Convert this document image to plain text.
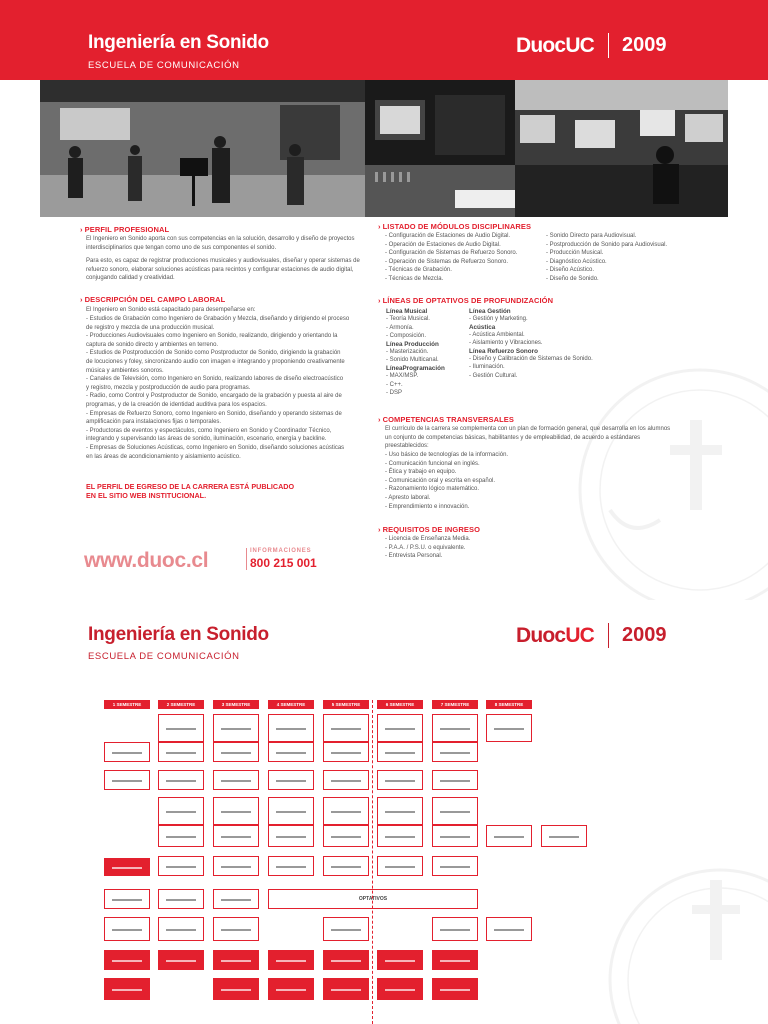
Ingeniería en Sonido
ESCUELA DE COMUNICACIÓN
DuocUC 2009
› PERFIL PROFESIONAL
El Ingeniero en Sonido aporta con sus competencias en la solución, desarrollo y diseño de proyectos interdisciplinarios que tengan como uno de sus componentes el sonido.
Para esto, es capaz de registrar producciones musicales y audiovisuales, diseñar y operar sistemas de refuerzo sonoro, elaborar soluciones acústicas para recintos y configurar estaciones de audio digital, conjugando calidad y creatividad.
› DESCRIPCIÓN DEL CAMPO LABORAL
El Ingeniero en Sonido está capacitado para desempeñarse en:
- Estudios de Grabación como Ingeniero de Grabación y Mezcla, diseñando y dirigiendo el proceso
de registro y mezcla de una producción musical.
- Producciones Audiovisuales como Ingeniero en Sonido, realizando, dirigiendo y orientando la
captura de sonido directo y ambientes en terreno.
- Estudios de Postproducción de Sonido como Postproductor de Sonido, dirigiendo la grabación
de locuciones y foley, sincronizando audio con imagen e integrando y proponiendo creativamente
música y ambientes sonoros.
- Canales de Televisión, como Ingeniero en Sonido, realizando labores de diseño electroacústico
y registro, mezcla y postproducción de audio para programas.
- Radio, como Control y Postproductor de Sonido, encargado de la grabación y puesta al aire de
programas, y de la creación de identidad auditiva para los espacios.
- Empresas de Refuerzo Sonoro, como Ingeniero en Sonido, diseñando y operando sistemas de
amplificación para instalaciones fijas o temporales.
- Productoras de eventos y espectáculos, como Ingeniero en Sonido y Coordinador Técnico,
integrando y supervisando las áreas de sonido, iluminación, escenario, energía y backline.
- Empresas de Soluciones Acústicas, como Ingeniero en Sonido, diseñando soluciones acústicas
en las áreas de acondicionamiento y aislamiento acústico.
EL PERFIL DE EGRESO DE LA CARRERA ESTÁ PUBLICADO
EN EL SITIO WEB INSTITUCIONAL.
www.duoc.cl	INFORMACIONES
800 215 001
› LISTADO DE MÓDULOS DISCIPLINARES
- Configuración de Estaciones de Audio Digital.
- Operación de Estaciones de Audio Digital.
- Configuración de Sistemas de Refuerzo Sonoro.
- Operación de Sistemas de Refuerzo Sonoro.
- Técnicas de Grabación.
- Técnicas de Mezcla.
- Sonido Directo para Audiovisual.
- Postproducción de Sonido para Audiovisual.
- Producción Musical.
- Diagnóstico Acústico.
- Diseño Acústico.
- Diseño de Sonido.
› LÍNEAS DE OPTATIVOS DE PROFUNDIZACIÓN
Línea Musical
- Teoría Musical.
- Armonía.
- Composición.
Línea Producción
- Masterización.
- Sonido Multicanal.
LíneaProgramación
- MAX/MSP.
- C++.
- DSP
Línea Gestión
- Gestión y Marketing.
Acústica
- Acústica Ambiental.
- Aislamiento y Vibraciones.
Línea Refuerzo Sonoro
- Diseño y Calibración de Sistemas de Sonido.
- Iluminación.
- Gestión Cultural.
› COMPETENCIAS TRANSVERSALES
El currículo de la carrera se complementa con un plan de formación general, que desarrolla en los alumnos
un conjunto de competencias básicas, habilitantes y de empleabilidad, de acuerdo a estándares
preestablecidos:
- Uso básico de tecnologías de la información.
- Comunicación funcional en inglés.
- Ética y trabajo en equipo.
- Comunicación oral y escrita en español.
- Razonamiento lógico matemático.
- Apresto laboral.
- Emprendimiento e innovación.
› REQUISITOS DE INGRESO
- Licencia de Enseñanza Media.
- P.A.A. / P.S.U. o equivalente.
- Entrevista Personal.
Ingeniería en Sonido
ESCUELA DE COMUNICACIÓN
DuocUC 2009
1 SEMESTRE	2 SEMESTRE	3 SEMESTRE	4 SEMESTRE	5 SEMESTRE	6 SEMESTRE	7 SEMESTRE	8 SEMESTRE
OPTATIVOS
